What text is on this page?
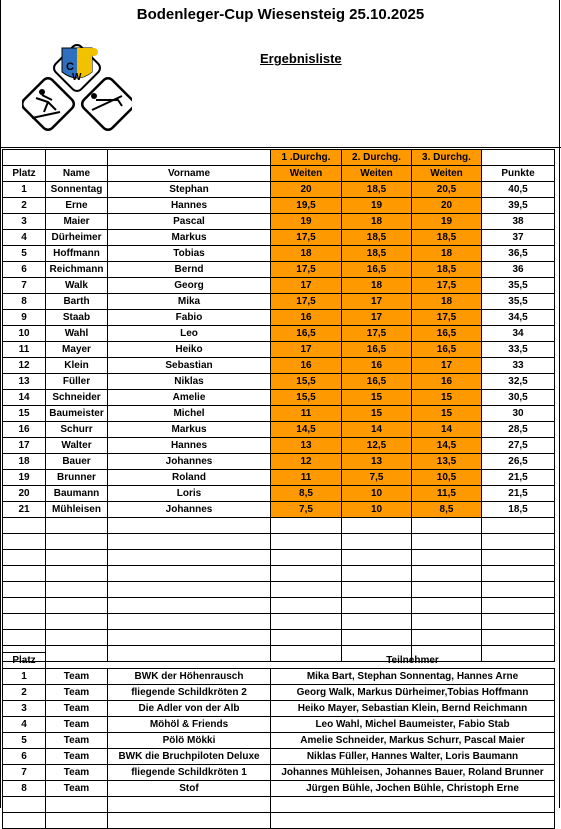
Bodenleger-Cup Wiesensteig 25.10.2025
C
W
Ergebnisliste
			1 .Durchg.	2. Durchg.	3. Durchg.	
Platz	Name	Vorname	Weiten	Weiten	Weiten	Punkte
1	Sonnentag	Stephan	20	18,5	20,5	40,5
2	Erne	Hannes	19,5	19	20	39,5
3	Maier	Pascal	19	18	19	38
4	Dürheimer	Markus	17,5	18,5	18,5	37
5	Hoffmann	Tobias	18	18,5	18	36,5
6	Reichmann	Bernd	17,5	16,5	18,5	36
7	Walk	Georg	17	18	17,5	35,5
8	Barth	Mika	17,5	17	18	35,5
9	Staab	Fabio	16	17	17,5	34,5
10	Wahl	Leo	16,5	17,5	16,5	34
11	Mayer	Heiko	17	16,5	16,5	33,5
12	Klein	Sebastian	16	16	17	33
13	Füller	Niklas	15,5	16,5	16	32,5
14	Schneider	Amelie	15,5	15	15	30,5
15	Baumeister	Michel	11	15	15	30
16	Schurr	Markus	14,5	14	14	28,5
17	Walter	Hannes	13	12,5	14,5	27,5
18	Bauer	Johannes	12	13	13,5	26,5
19	Brunner	Roland	11	7,5	10,5	21,5
20	Baumann	Loris	8,5	10	11,5	21,5
21	Mühleisen	Johannes	7,5	10	8,5	18,5

Platz			Teilnehmer
1	Team	BWK der Höhenrausch	Mika Bart, Stephan Sonnentag, Hannes Arne
2	Team	fliegende Schildkröten 2	Georg Walk, Markus Dürheimer,Tobias Hoffmann
3	Team	Die Adler von der Alb	Heiko Mayer, Sebastian Klein, Bernd Reichmann
4	Team	Möhöl & Friends	Leo Wahl, Michel Baumeister, Fabio Stab
5	Team	Pölö Mökki	Amelie Schneider, Markus Schurr, Pascal Maier
6	Team	BWK die Bruchpiloten Deluxe	Niklas Füller, Hannes Walter, Loris Baumann
7	Team	fliegende Schildkröten 1	Johannes Mühleisen, Johannes Bauer, Roland Brunner
8	Team	Stof	Jürgen Bühle, Jochen Bühle, Christoph Erne
